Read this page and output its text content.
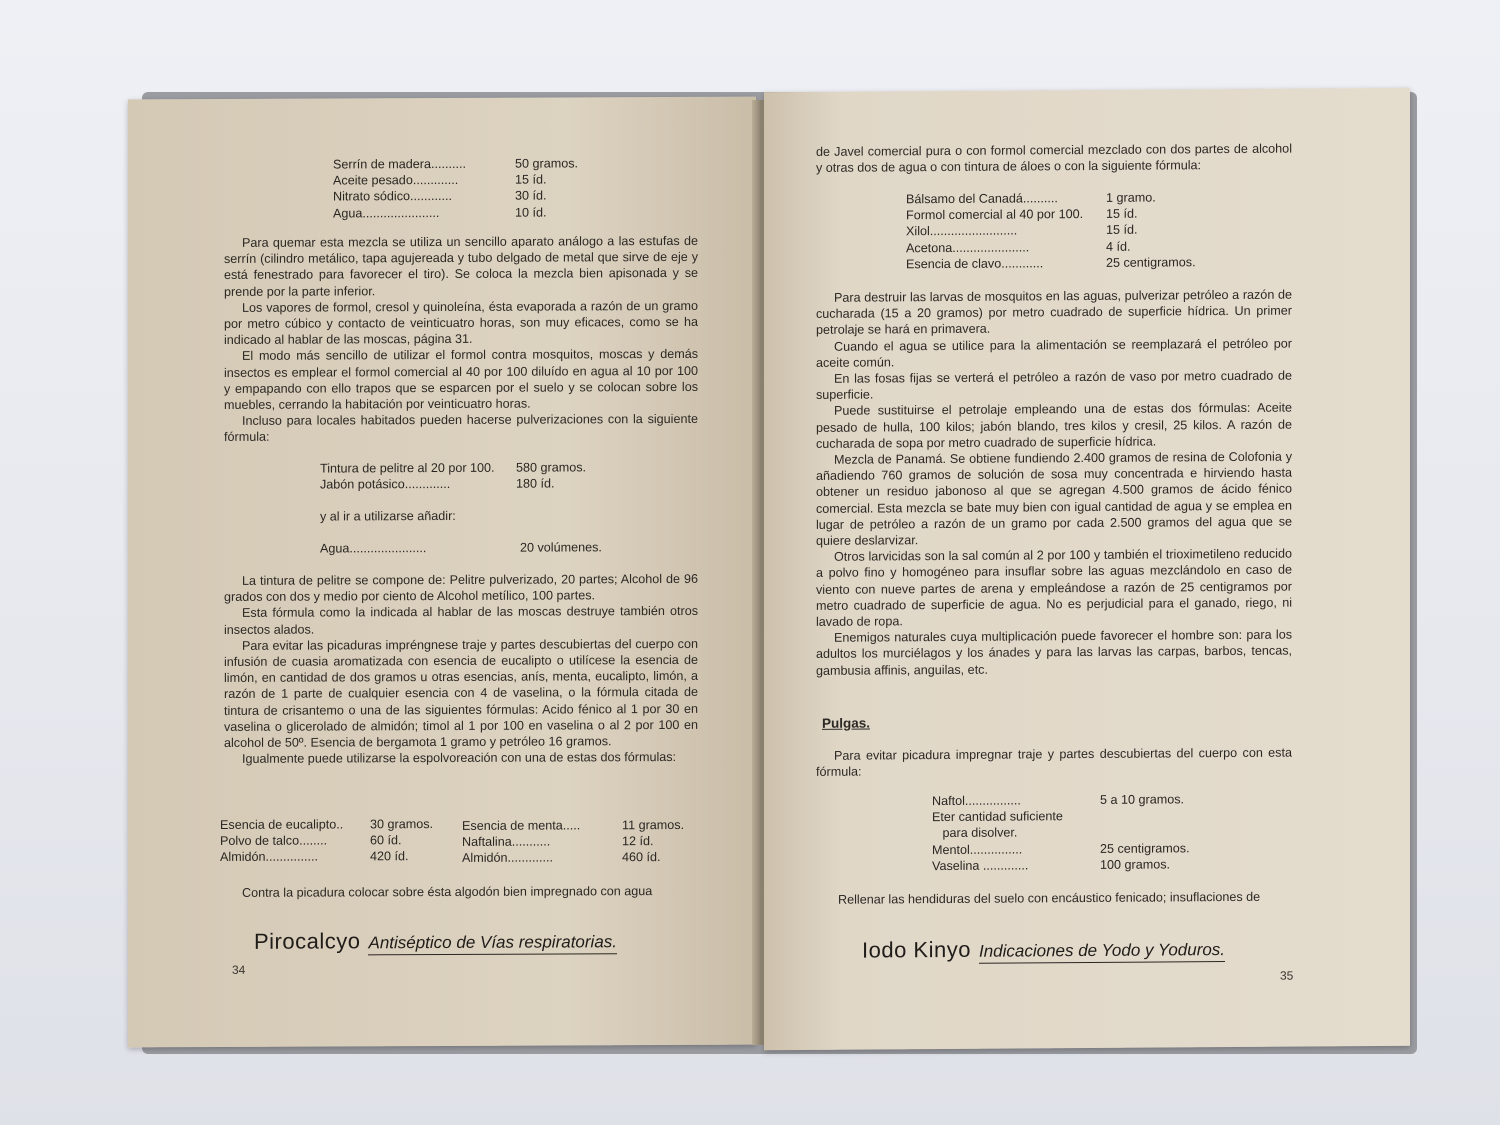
Serrín de madera..........	50 gramos.
Aceite pesado.............	15 íd.
Nitrato sódico............	30 íd.
Agua......................	10 íd.

Para quemar esta mezcla se utiliza un sencillo aparato análogo a las estufas de serrín (cilindro metálico, tapa agujereada y tubo delgado de metal que sirve de eje y está fenestrado para favorecer el tiro). Se coloca la mezcla bien apisonada y se prende por la parte inferior.

Los vapores de formol, cresol y quinoleína, ésta evaporada a razón de un gramo por metro cúbico y contacto de veinticuatro horas, son muy eficaces, como se ha indicado al hablar de las moscas, página 31.

El modo más sencillo de utilizar el formol contra mosquitos, moscas y demás insectos es emplear el formol comercial al 40 por 100 diluído en agua al 10 por 100 y empapando con ello trapos que se esparcen por el suelo y se colocan sobre los muebles, cerrando la habitación por veinticuatro horas.

Incluso para locales habitados pueden hacerse pulverizaciones con la siguiente fórmula:

Tintura de pelitre al 20 por 100.	580 gramos.
Jabón potásico.............	180 íd.
y al ir a utilizarse añadir:
Agua......................	20 volúmenes.

La tintura de pelitre se compone de: Pelitre pulverizado, 20 partes; Alcohol de 96 grados con dos y medio por ciento de Alcohol metílico, 100 partes.

Esta fórmula como la indicada al hablar de las moscas destruye también otros insectos alados.

Para evitar las picaduras impréngnese traje y partes descubiertas del cuerpo con infusión de cuasia aromatizada con esencia de eucalipto o utilícese la esencia de limón, en cantidad de dos gramos u otras esencias, anís, menta, eucalipto, limón, a razón de 1 parte de cualquier esencia con 4 de vaselina, o la fórmula citada de tintura de crisantemo o una de las siguientes fórmulas: Acido fénico al 1 por 30 en vaselina o glicerolado de almidón; timol al 1 por 100 en vaselina o al 2 por 100 en alcohol de 50º. Esencia de bergamota 1 gramo y petróleo 16 gramos.

Igualmente puede utilizarse la espolvoreación con una de estas dos fórmulas:

Esencia de eucalipto..	30 gramos.
Polvo de talco........	60 íd.
Almidón...............	420 íd.
Esencia de menta.....	11 gramos.
Naftalina...........	12 íd.
Almidón.............	460 íd.

Contra la picadura colocar sobre ésta algodón bien impregnado con agua

Pirocalcyo Antiséptico de Vías respiratorias.
34

de Javel comercial pura o con formol comercial mezclado con dos partes de alcohol y otras dos de agua o con tintura de áloes o con la siguiente fórmula:

Bálsamo del Canadá..........	1 gramo.
Formol comercial al 40 por 100.	15 íd.
Xilol.........................	15 íd.
Acetona......................	4 íd.
Esencia de clavo............	25 centigramos.

Para destruir las larvas de mosquitos en las aguas, pulverizar petróleo a razón de cucharada (15 a 20 gramos) por metro cuadrado de superficie hídrica. Un primer petrolaje se hará en primavera.

Cuando el agua se utilice para la alimentación se reemplazará el petróleo por aceite común.

En las fosas fijas se verterá el petróleo a razón de vaso por metro cuadrado de superficie.

Puede sustituirse el petrolaje empleando una de estas dos fórmulas: Aceite pesado de hulla, 100 kilos; jabón blando, tres kilos y cresil, 25 kilos. A razón de cucharada de sopa por metro cuadrado de superficie hídrica.

Mezcla de Panamá. Se obtiene fundiendo 2.400 gramos de resina de Colofonia y añadiendo 760 gramos de solución de sosa muy concentrada e hirviendo hasta obtener un residuo jabonoso al que se agregan 4.500 gramos de ácido fénico comercial. Esta mezcla se bate muy bien con igual cantidad de agua y se emplea en lugar de petróleo a razón de un gramo por cada 2.500 gramos del agua que se quiere deslarvizar.

Otros larvicidas son la sal común al 2 por 100 y también el trioximetileno reducido a polvo fino y homogéneo para insuflar sobre las aguas mezclándolo en caso de viento con nueve partes de arena y empleándose a razón de 25 centigramos por metro cuadrado de superficie de agua. No es perjudicial para el ganado, riego, ni lavado de ropa.

Enemigos naturales cuya multiplicación puede favorecer el hombre son: para los adultos los murciélagos y los ánades y para las larvas las carpas, barbos, tencas, gambusia affinis, anguilas, etc.

Pulgas.

Para evitar picadura impregnar traje y partes descubiertas del cuerpo con esta fórmula:

Naftol................	5 a 10 gramos.
Eter cantidad suficiente
para disolver.
Mentol...............	25 centigramos.
Vaselina .............	100 gramos.

Rellenar las hendiduras del suelo con encáustico fenicado; insuflaciones de

Iodo Kinyo Indicaciones de Yodo y Yoduros.
35
